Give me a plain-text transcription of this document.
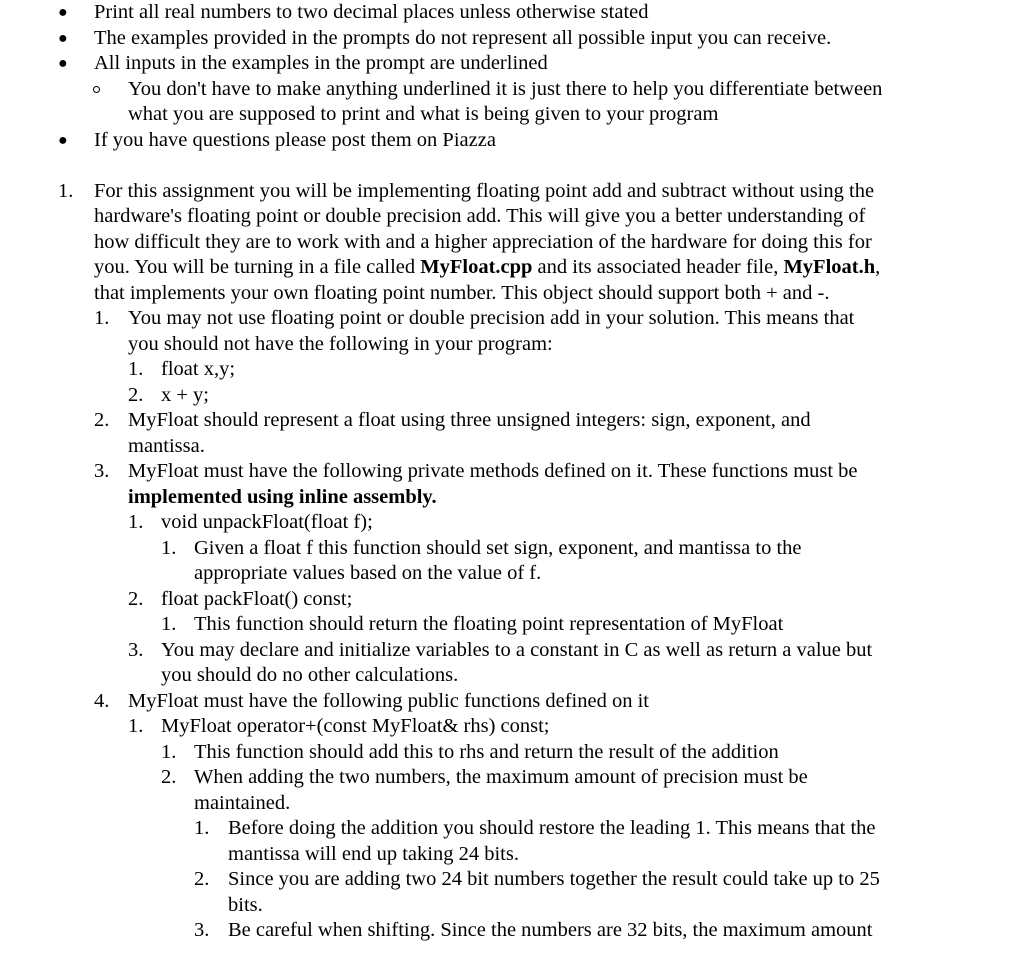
● Print all real numbers to two decimal places unless otherwise stated
● The examples provided in the prompts do not represent all possible input you can receive.
● All inputs in the examples in the prompt are underlined
You don't have to make anything underlined it is just there to help you differentiate between
what you are supposed to print and what is being given to your program
● If you have questions please post them on Piazza
1. For this assignment you will be implementing floating point add and subtract without using the
hardware's floating point or double precision add. This will give you a better understanding of
how difficult they are to work with and a higher appreciation of the hardware for doing this for
you. You will be turning in a file called MyFloat.cpp and its associated header file, MyFloat.h,
that implements your own floating point number. This object should support both + and -.
1. You may not use floating point or double precision add in your solution. This means that
you should not have the following in your program:
1. float x,y;
2. x + y;
2. MyFloat should represent a float using three unsigned integers: sign, exponent, and
mantissa.
3. MyFloat must have the following private methods defined on it. These functions must be
implemented using inline assembly.
1. void unpackFloat(float f);
1. Given a float f this function should set sign, exponent, and mantissa to the
appropriate values based on the value of f.
2. float packFloat() const;
1. This function should return the floating point representation of MyFloat
3. You may declare and initialize variables to a constant in C as well as return a value but
you should do no other calculations.
4. MyFloat must have the following public functions defined on it
1. MyFloat operator+(const MyFloat& rhs) const;
1. This function should add this to rhs and return the result of the addition
2. When adding the two numbers, the maximum amount of precision must be
maintained.
1. Before doing the addition you should restore the leading 1. This means that the
mantissa will end up taking 24 bits.
2. Since you are adding two 24 bit numbers together the result could take up to 25
bits.
3. Be careful when shifting. Since the numbers are 32 bits, the maximum amount
